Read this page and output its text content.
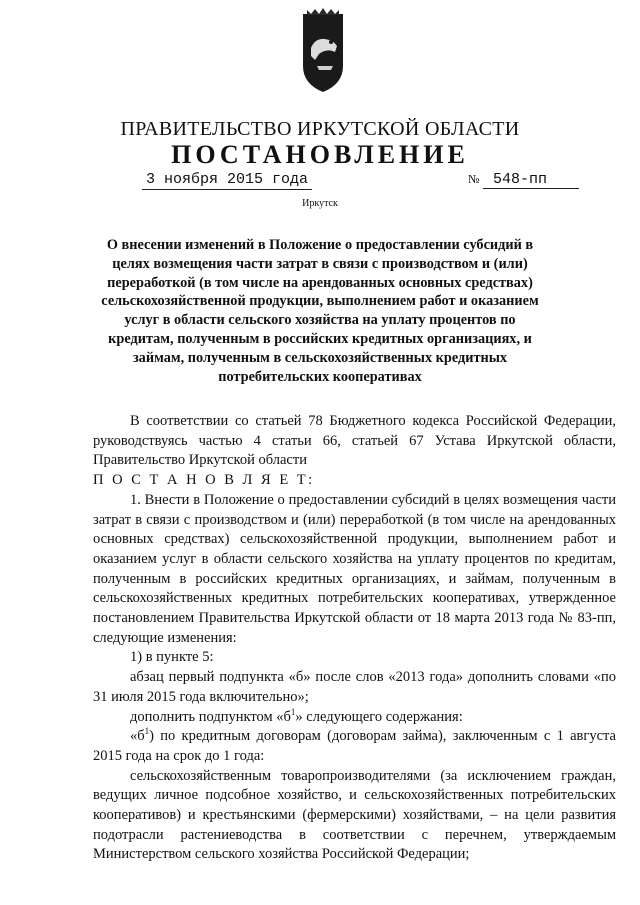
ПРАВИТЕЛЬСТВО ИРКУТСКОЙ ОБЛАСТИ
ПОСТАНОВЛЕНИЕ
3 ноября 2015 года	№ 548-пп
Иркутск
О внесении изменений в Положение о предоставлении субсидий в целях возмещения части затрат в связи с производством и (или) переработкой (в том числе на арендованных основных средствах) сельскохозяйственной продукции, выполнением работ и оказанием услуг в области сельского хозяйства на уплату процентов по кредитам, полученным в российских кредитных организациях, и займам, полученным в сельскохозяйственных кредитных потребительских кооперативах

В соответствии со статьей 78 Бюджетного кодекса Российской Федерации, руководствуясь частью 4 статьи 66, статьей 67 Устава Иркутской области, Правительство Иркутской области

П О С Т А Н О В Л Я Е Т:

1. Внести в Положение о предоставлении субсидий в целях возмещения части затрат в связи с производством и (или) переработкой (в том числе на арендованных основных средствах) сельскохозяйственной продукции, выполнением работ и оказанием услуг в области сельского хозяйства на уплату процентов по кредитам, полученным в российских кредитных организациях, и займам, полученным в сельскохозяйственных кредитных потребительских кооперативах, утвержденное постановлением Правительства Иркутской области от 18 марта 2013 года № 83-пп, следующие изменения:

1) в пункте 5:

абзац первый подпункта «б» после слов «2013 года» дополнить словами «по 31 июля 2015 года включительно»;

дополнить подпунктом «$б^1$» следующего содержания:

«$б^1$) по кредитным договорам (договорам займа), заключенным с 1 августа 2015 года на срок до 1 года:

сельскохозяйственным товаропроизводителями (за исключением граждан, ведущих личное подсобное хозяйство, и сельскохозяйственных потребительских кооперативов) и крестьянскими (фермерскими) хозяйствами, – на цели развития подотрасли растениеводства в соответствии с перечнем, утверждаемым Министерством сельского хозяйства Российской Федерации;
